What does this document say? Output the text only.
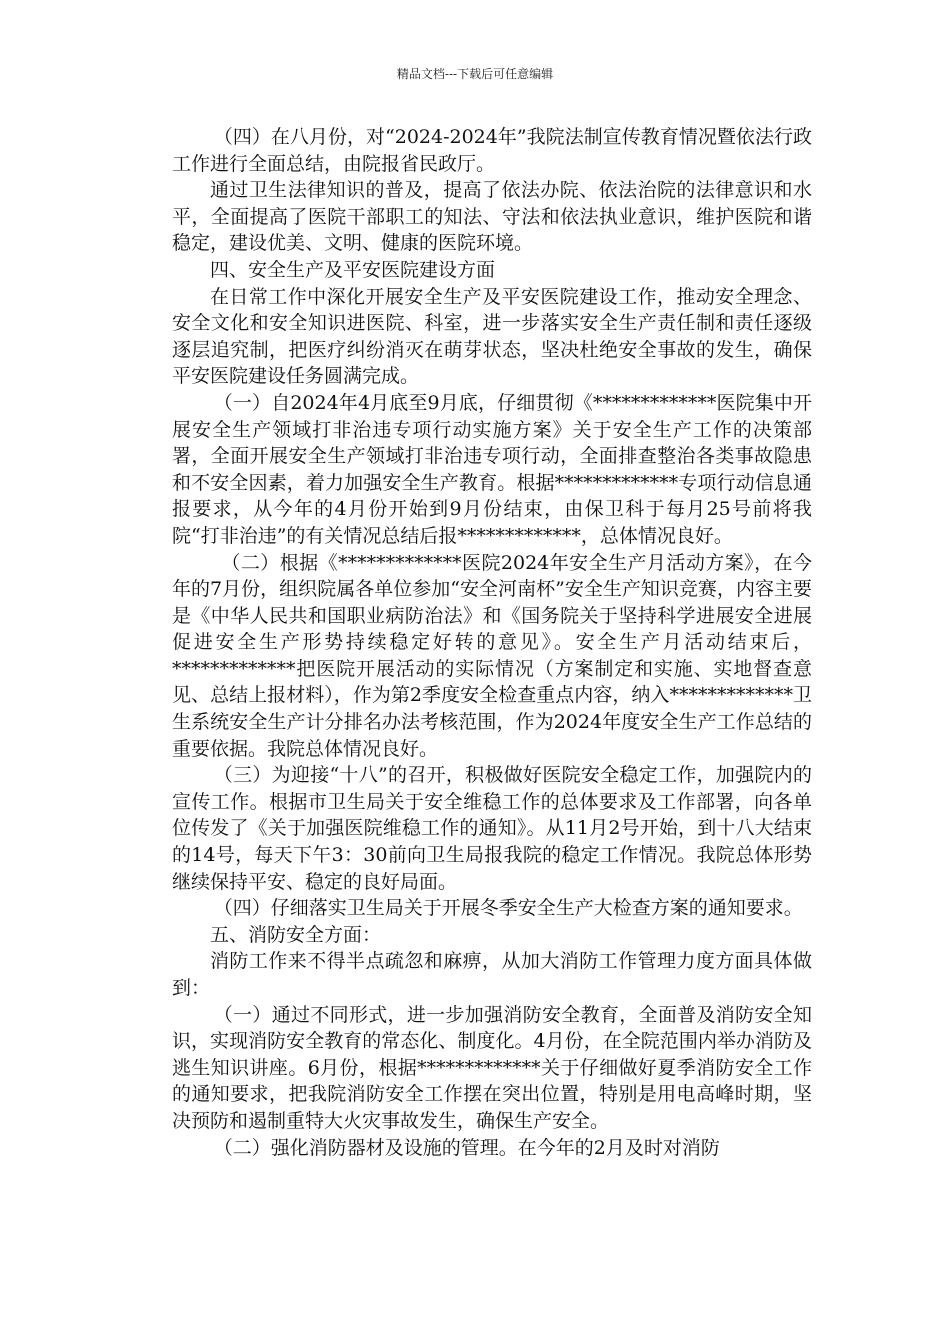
精品文档---下载后可任意编辑

（四）在八月份，对“2024-2024年”我院法制宣传教育情况暨依法行政工作进行全面总结，由院报省民政厅。

通过卫生法律知识的普及，提高了依法办院、依法治院的法律意识和水平，全面提高了医院干部职工的知法、守法和依法执业意识，维护医院和谐稳定，建设优美、文明、健康的医院环境。

四、安全生产及平安医院建设方面

在日常工作中深化开展安全生产及平安医院建设工作，推动安全理念、安全文化和安全知识进医院、科室，进一步落实安全生产责任制和责任逐级逐层追究制，把医疗纠纷消灭在萌芽状态，坚决杜绝安全事故的发生，确保平安医院建设任务圆满完成。

（一）自2024年4月底至9月底，仔细贯彻《*************医院集中开展安全生产领域打非治违专项行动实施方案》关于安全生产工作的决策部署，全面开展安全生产领域打非治违专项行动，全面排查整治各类事故隐患和不安全因素，着力加强安全生产教育。根据*************专项行动信息通报要求，从今年的4月份开始到9月份结束，由保卫科于每月25号前将我院“打非治违”的有关情况总结后报*************，总体情况良好。

（二）根据《*************医院2024年安全生产月活动方案》，在今年的7月份，组织院属各单位参加“安全河南杯”安全生产知识竞赛，内容主要是《中华人民共和国职业病防治法》和《国务院关于坚持科学进展安全进展促进安全生产形势持续稳定好转的意见》。安全生产月活动结束后，*************把医院开展活动的实际情况（方案制定和实施、实地督查意见、总结上报材料），作为第2季度安全检查重点内容，纳入*************卫生系统安全生产计分排名办法考核范围，作为2024年度安全生产工作总结的重要依据。我院总体情况良好。

（三）为迎接“十八”的召开，积极做好医院安全稳定工作，加强院内的宣传工作。根据市卫生局关于安全维稳工作的总体要求及工作部署，向各单位传发了《关于加强医院维稳工作的通知》。从11月2号开始，到十八大结束的14号，每天下午3：30前向卫生局报我院的稳定工作情况。我院总体形势继续保持平安、稳定的良好局面。

（四）仔细落实卫生局关于开展冬季安全生产大检查方案的通知要求。

五、消防安全方面：

消防工作来不得半点疏忽和麻痹，从加大消防工作管理力度方面具体做到：

（一）通过不同形式，进一步加强消防安全教育，全面普及消防安全知识，实现消防安全教育的常态化、制度化。4月份，在全院范围内举办消防及逃生知识讲座。6月份，根据*************关于仔细做好夏季消防安全工作的通知要求，把我院消防安全工作摆在突出位置，特别是用电高峰时期，坚决预防和遏制重特大火灾事故发生，确保生产安全。

（二）强化消防器材及设施的管理。在今年的2月及时对消防
